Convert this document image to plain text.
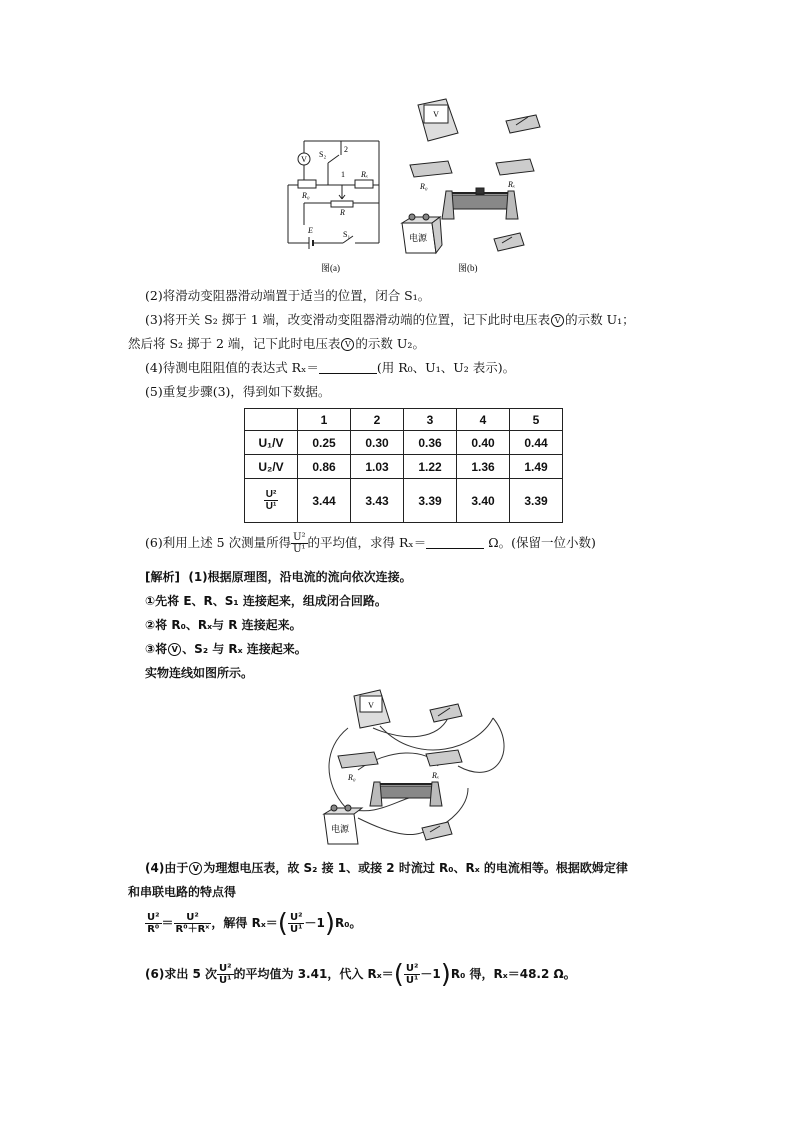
V
S₂
2
1 Rₓ
R₀
R
E	S₁
图(a)
V
R₀	Rₓ
电源
图(b)
(2)将滑动变阻器滑动端置于适当的位置，闭合 S₁。
(3)将开关 S₂ 掷于 1 端，改变滑动变阻器滑动端的位置，记下此时电压表 V 的示数 U₁；
然后将 S₂ 掷于 2 端，记下此时电压表 V 的示数 U₂。
(4)待测电阻阻值的表达式 Rₓ＝	(用 R₀、U₁、U₂ 表示)。
(5)重复步骤(3)，得到如下数据。
	1	2	3	4	5
U₁/V	0.25	0.30	0.36	0.40	0.44
U₂/V	0.86	1.03	1.22	1.36	1.49

$\frac{\text{U²}}{\text{U¹}}$	3.44	3.43	3.39	3.40	3.39
(6)利用上述 5 次测量所得 $\frac{\text{U²}}{\text{U¹}}$ 的平均值，求得 Rₓ＝	Ω。(保留一位小数)
[解析] (1)根据原理图，沿电流的流向依次连接。
①先将 E、R、S₁ 连接起来，组成闭合回路。
②将 R₀、Rₓ与 R 连接起来。
③将 V 、S₂ 与 Rₓ 连接起来。
实物连线如图所示。
V
R₀	Rₓ
电源
(4)由于 V 为理想电压表，故 S₂ 接 1、或接 2 时流过 R₀、Rₓ 的电流相等。根据欧姆定律
和串联电路的特点得
$\frac{\text{U²}}{\text{R⁰}} = \frac{\text{U²}}{\text{R⁰＋Rˣ}}$ ，解得 $R_x=( \frac{\text{U²}}{\text{U¹}} -1)R_0$。
(6)求出 5 次 $\frac{\text{U²}}{\text{U¹}}$ 的平均值为 3.41，代入 $R_x=( \frac{\text{U²}}{\text{U¹}} -1)R_0$ 得，Rₓ＝48.2 Ω。
